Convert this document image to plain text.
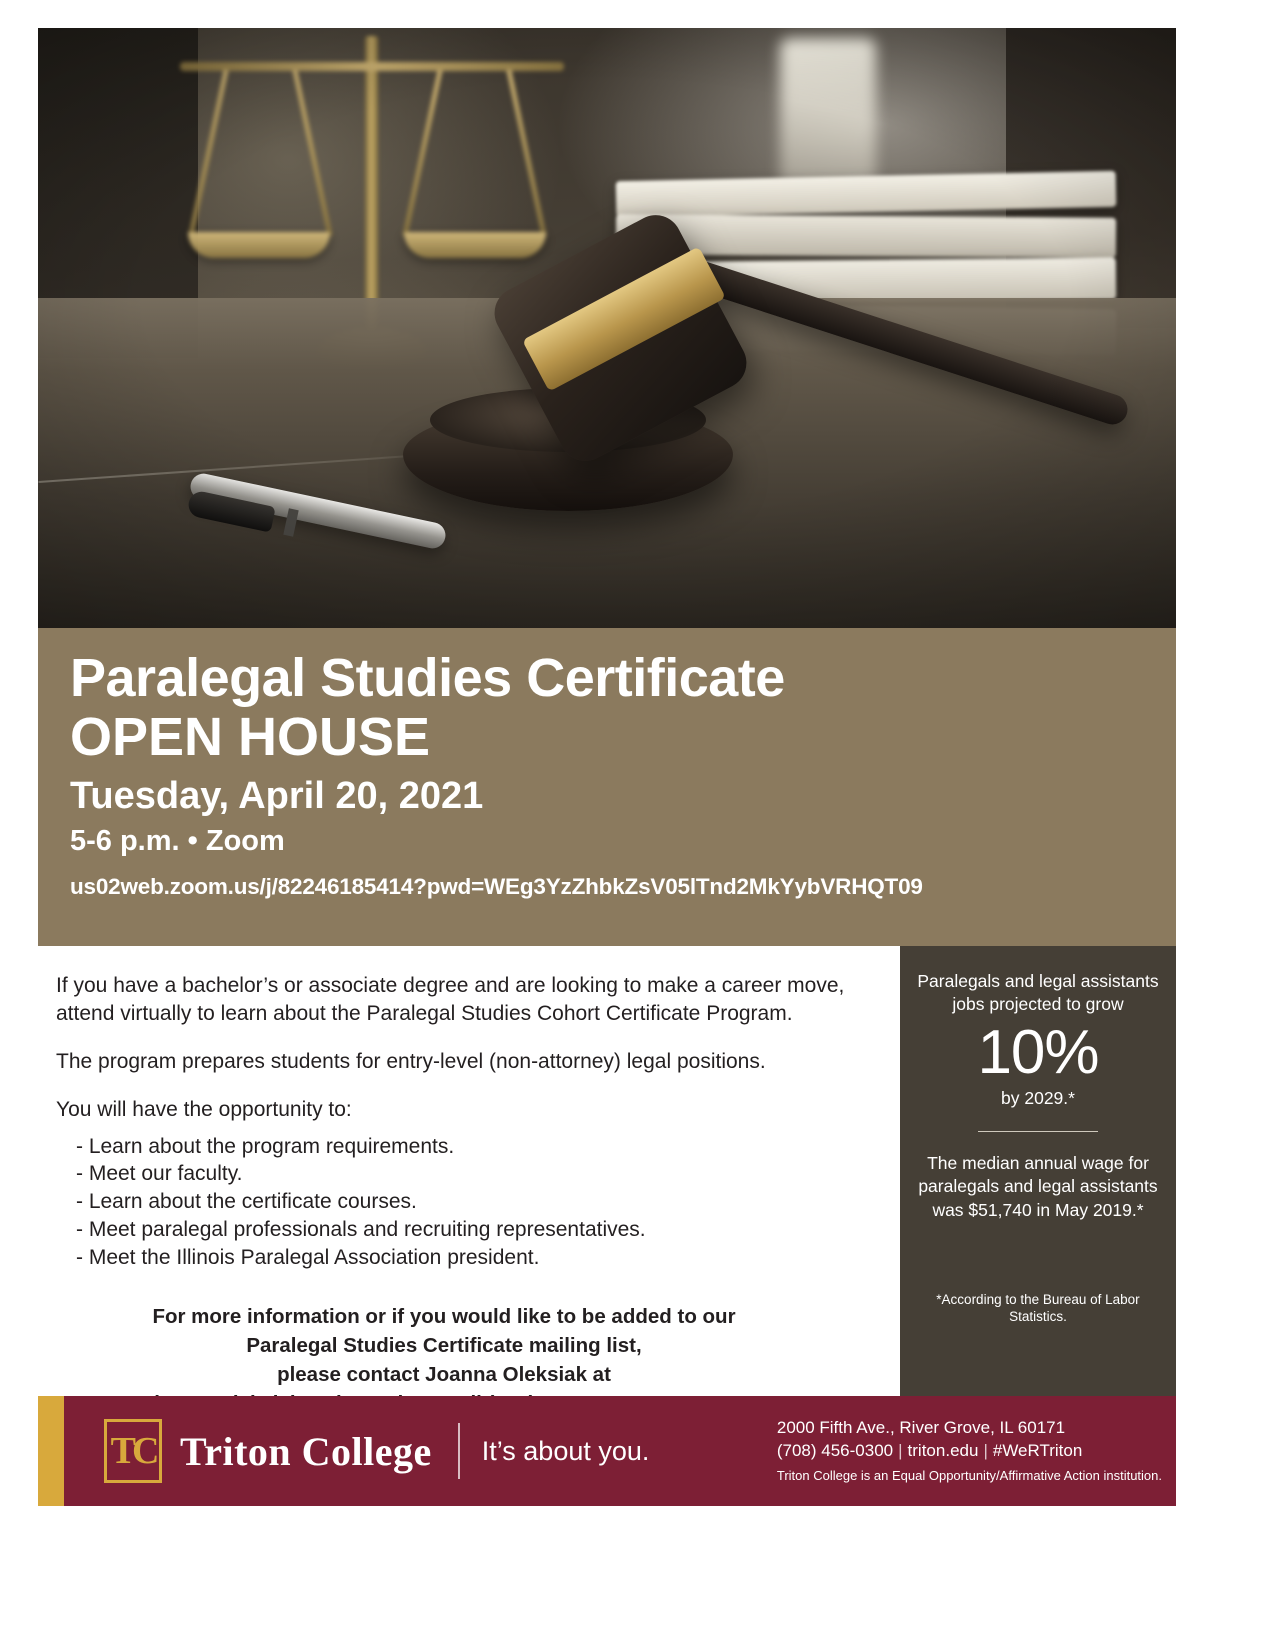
Paralegal Studies Certificate
OPEN HOUSE
Tuesday, April 20, 2021
5-6 p.m. • Zoom
us02web.zoom.us/j/82246185414?pwd=WEg3YzZhbkZsV05lTnd2MkYybVRHQT09

If you have a bachelor’s or associate degree and are looking to make a career move, attend virtually to learn about the Paralegal Studies Cohort Certificate Program.

The program prepares students for entry-level (non-attorney) legal positions.

You will have the opportunity to:

- Learn about the program requirements.
- Meet our faculty.
- Learn about the certificate courses.
- Meet paralegal professionals and recruiting representatives.
- Meet the Illinois Paralegal Association president.
For more information or if you would like to be added to our
Paralegal Studies Certificate mailing list,
please contact Joanna Oleksiak at
Paralegals and legal assistants jobs projected to grow
10%
by 2029.*
The median annual wage for paralegals and legal assistants was $51,740 in May 2019.*
*According to the Bureau of Labor Statistics.
TC Triton College It’s about you.
2000 Fifth Ave., River Grove, IL 60171
(708) 456-0300 | triton.edu | #WeRTriton
Triton College is an Equal Opportunity/Affirmative Action institution.
